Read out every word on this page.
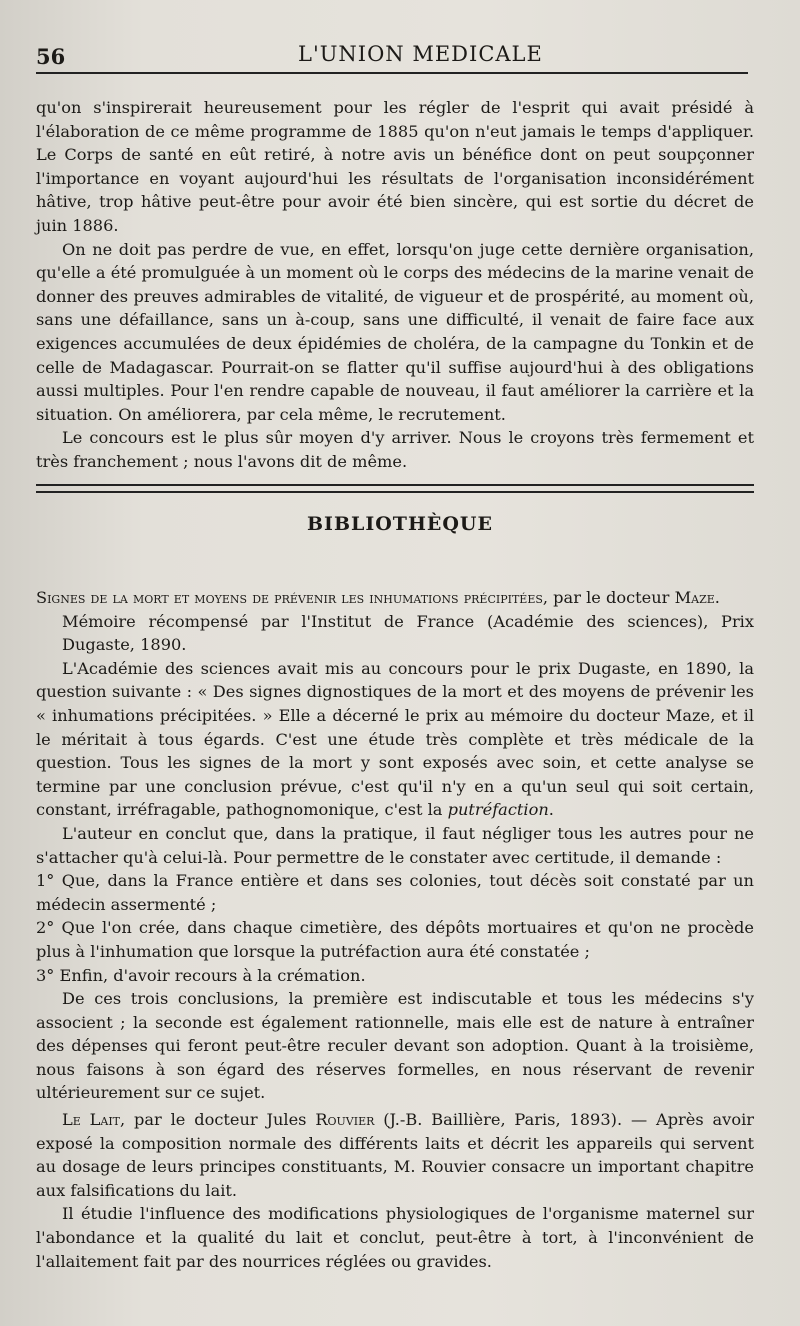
56	L'UNION MEDICALE

qu'on s'inspirerait heureusement pour les régler de l'esprit qui avait présidé à l'élaboration de ce même programme de 1885 qu'on n'eut jamais le temps d'appliquer. Le Corps de santé en eût retiré, à notre avis un bénéfice dont on peut soupçonner l'importance en voyant aujourd'hui les résultats de l'organisation inconsidérément hâtive, trop hâtive peut-être pour avoir été bien sincère, qui est sortie du décret de juin 1886.

On ne doit pas perdre de vue, en effet, lorsqu'on juge cette dernière organisation, qu'elle a été promulguée à un moment où le corps des médecins de la marine venait de donner des preuves admirables de vitalité, de vigueur et de prospérité, au moment où, sans une défaillance, sans un à-coup, sans une difficulté, il venait de faire face aux exigences accumulées de deux épidémies de choléra, de la campagne du Tonkin et de celle de Madagascar. Pourrait-on se flatter qu'il suffise aujourd'hui à des obligations aussi multiples. Pour l'en rendre capable de nouveau, il faut améliorer la carrière et la situation. On améliorera, par cela même, le recrutement.

Le concours est le plus sûr moyen d'y arriver. Nous le croyons très fermement et très franchement ; nous l'avons dit de même.

BIBLIOTHÈQUE

Signes de la mort et moyens de prévenir les inhumations précipitées, par le docteur Maze.

Mémoire récompensé par l'Institut de France (Académie des sciences), Prix Dugaste, 1890.

L'Académie des sciences avait mis au concours pour le prix Dugaste, en 1890, la question suivante : « Des signes dignostiques de la mort et des moyens de prévenir les « inhumations précipitées. » Elle a décerné le prix au mémoire du docteur Maze, et il le méritait à tous égards. C'est une étude très complète et très médicale de la question. Tous les signes de la mort y sont exposés avec soin, et cette analyse se termine par une conclusion prévue, c'est qu'il n'y en a qu'un seul qui soit certain, constant, irréfragable, pathognomonique, c'est la putréfaction.

L'auteur en conclut que, dans la pratique, il faut négliger tous les autres pour ne s'attacher qu'à celui-là. Pour permettre de le constater avec certitude, il demande :

1° Que, dans la France entière et dans ses colonies, tout décès soit constaté par un médecin assermenté ;

2° Que l'on crée, dans chaque cimetière, des dépôts mortuaires et qu'on ne procède plus à l'inhumation que lorsque la putréfaction aura été constatée ;

3° Enfin, d'avoir recours à la crémation.

De ces trois conclusions, la première est indiscutable et tous les médecins s'y associent ; la seconde est également rationnelle, mais elle est de nature à entraîner des dépenses qui feront peut-être reculer devant son adoption. Quant à la troisième, nous faisons à son égard des réserves formelles, en nous réservant de revenir ultérieurement sur ce sujet.

Le Lait, par le docteur Jules Rouvier (J.-B. Baillière, Paris, 1893). — Après avoir exposé la composition normale des différents laits et décrit les appareils qui servent au dosage de leurs principes constituants, M. Rouvier consacre un important chapitre aux falsifications du lait.

Il étudie l'influence des modifications physiologiques de l'organisme maternel sur l'abondance et la qualité du lait et conclut, peut-être à tort, à l'inconvénient de l'allaitement fait par des nourrices réglées ou gravides.
